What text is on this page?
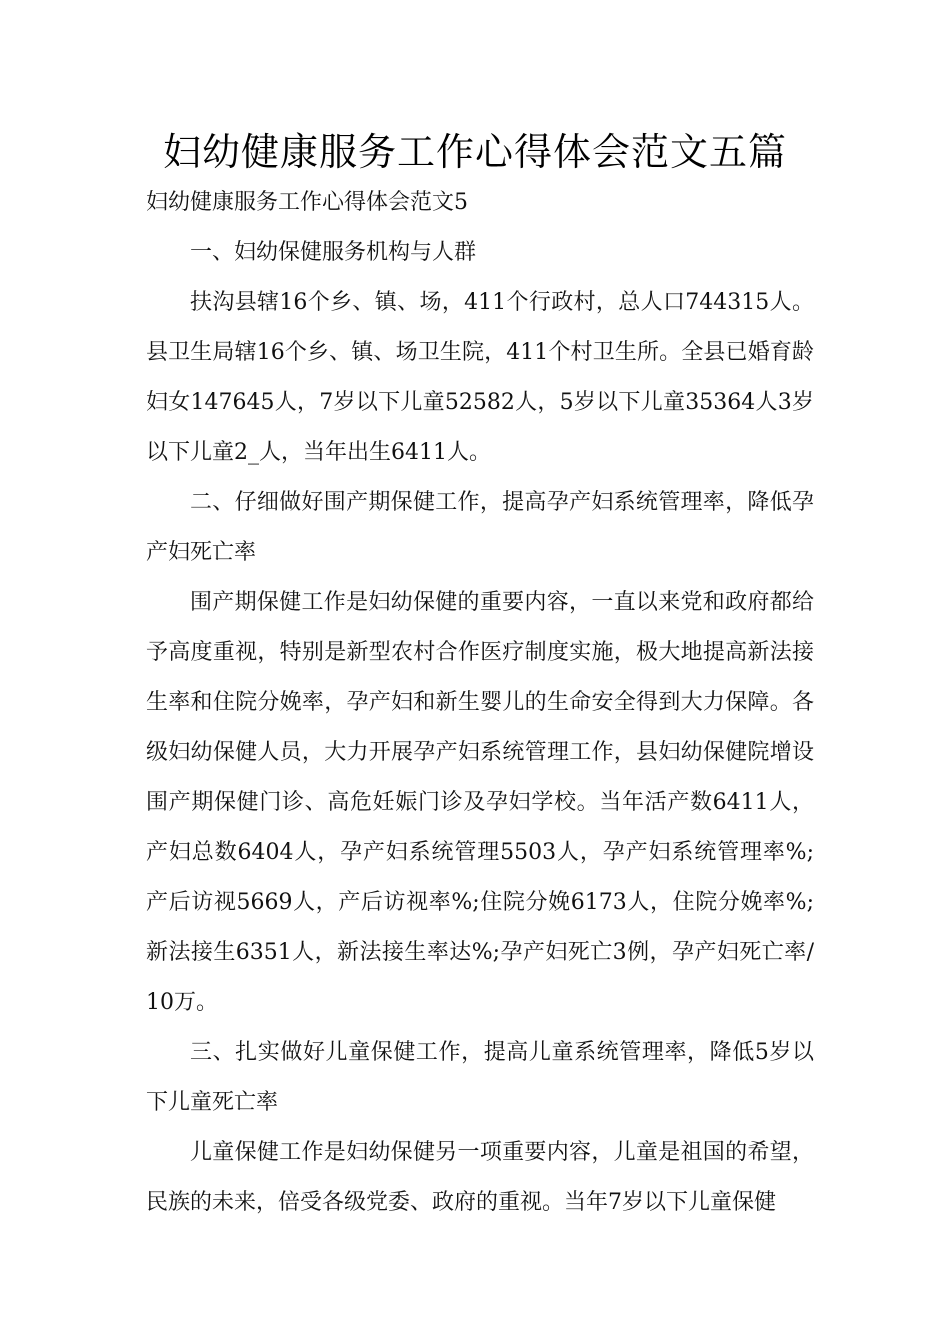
妇幼健康服务工作心得体会范文五篇

妇幼健康服务工作心得体会范文5

一、妇幼保健服务机构与人群

扶沟县辖16个乡、镇、场，411个行政村，总人口744315人。县卫生局辖16个乡、镇、场卫生院，411个村卫生所。全县已婚育龄妇女147645人，7岁以下儿童52582人，5岁以下儿童35364人3岁以下儿童2_人，当年出生6411人。

二、仔细做好围产期保健工作，提高孕产妇系统管理率，降低孕产妇死亡率

围产期保健工作是妇幼保健的重要内容，一直以来党和政府都给予高度重视，特别是新型农村合作医疗制度实施，极大地提高新法接生率和住院分娩率，孕产妇和新生婴儿的生命安全得到大力保障。各级妇幼保健人员，大力开展孕产妇系统管理工作，县妇幼保健院增设围产期保健门诊、高危妊娠门诊及孕妇学校。当年活产数6411人，产妇总数6404人，孕产妇系统管理5503人，孕产妇系统管理率%;产后访视5669人，产后访视率%;住院分娩6173人，住院分娩率%;新法接生6351人，新法接生率达%;孕产妇死亡3例，孕产妇死亡率/10万。

三、扎实做好儿童保健工作，提高儿童系统管理率，降低5岁以下儿童死亡率

儿童保健工作是妇幼保健另一项重要内容，儿童是祖国的希望，民族的未来，倍受各级党委、政府的重视。当年7岁以下儿童保健
